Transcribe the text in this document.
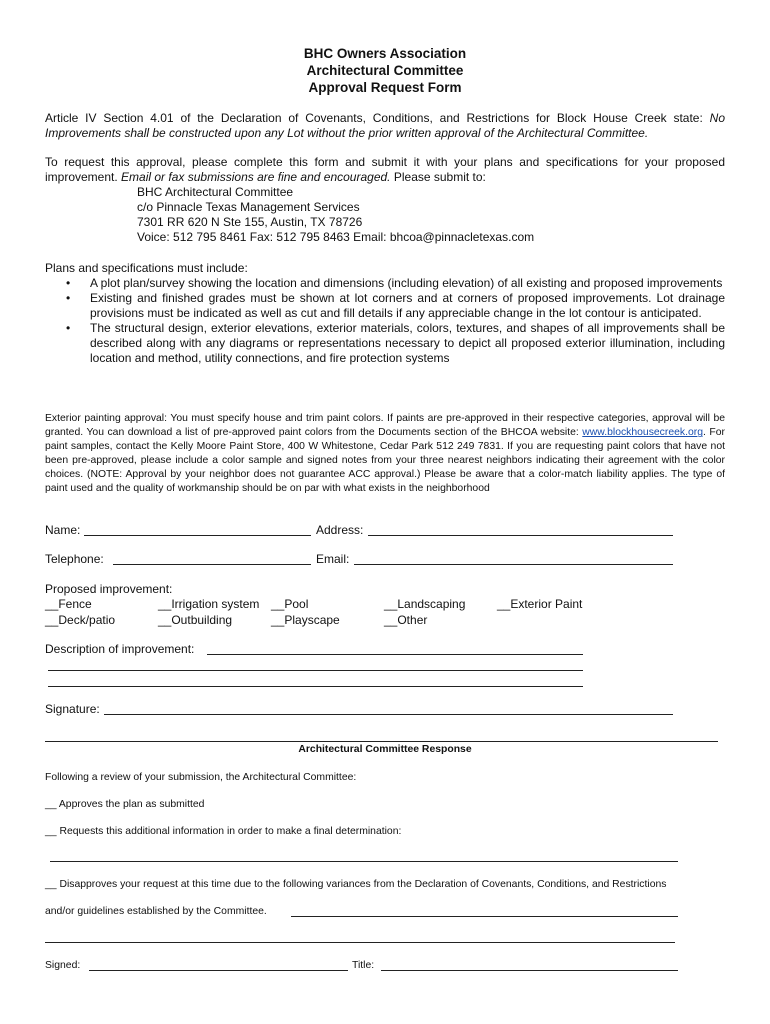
BHC Owners Association
Architectural Committee
Approval Request Form
Article IV Section 4.01 of the Declaration of Covenants, Conditions, and Restrictions for Block House Creek state: No Improvements shall be constructed upon any Lot without the prior written approval of the Architectural Committee.
To request this approval, please complete this form and submit it with your plans and specifications for your proposed improvement. Email or fax submissions are fine and encouraged. Please submit to:
BHC Architectural Committee
c/o Pinnacle Texas Management Services
7301 RR 620 N Ste 155, Austin, TX 78726
Voice: 512 795 8461 Fax: 512 795 8463 Email: bhcoa@pinnacletexas.com
Plans and specifications must include:
• A plot plan/survey showing the location and dimensions (including elevation) of all existing and proposed improvements
• Existing and finished grades must be shown at lot corners and at corners of proposed improvements. Lot drainage provisions must be indicated as well as cut and fill details if any appreciable change in the lot contour is anticipated.
• The structural design, exterior elevations, exterior materials, colors, textures, and shapes of all improvements shall be described along with any diagrams or representations necessary to depict all proposed exterior illumination, including location and method, utility connections, and fire protection systems
Exterior painting approval: You must specify house and trim paint colors. If paints are pre-approved in their respective categories, approval will be granted. You can download a list of pre-approved paint colors from the Documents section of the BHCOA website: www.blockhousecreek.org. For paint samples, contact the Kelly Moore Paint Store, 400 W Whitestone, Cedar Park 512 249 7831. If you are requesting paint colors that have not been pre-approved, please include a color sample and signed notes from your three nearest neighbors indicating their agreement with the color choices. (NOTE: Approval by your neighbor does not guarantee ACC approval.) Please be aware that a color-match liability applies. The type of paint used and the quality of workmanship should be on par with what exists in the neighborhood
Name:	Address:
Telephone:	Email:
Proposed improvement:
__Fence	__Irrigation system __Pool	__Landscaping	__Exterior Paint
__Deck/patio	__Outbuilding	__Playscape	__Other
Description of improvement:
Signature:
Architectural Committee Response
Following a review of your submission, the Architectural Committee:
__ Approves the plan as submitted
__ Requests this additional information in order to make a final determination:
__ Disapproves your request at this time due to the following variances from the Declaration of Covenants, Conditions, and Restrictions
and/or guidelines established by the Committee.
Signed:	Title:
